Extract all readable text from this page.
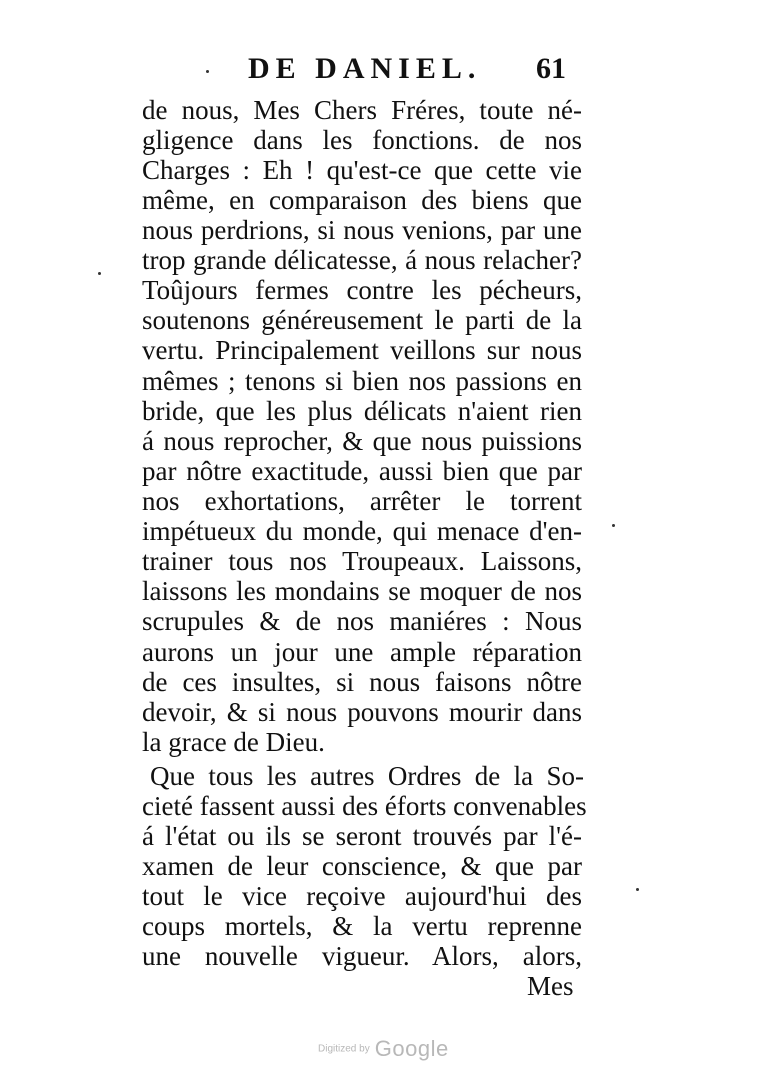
DE DANIEL. 61
de nous, Mes Chers Fréres, toute né-
gligence dans les fonctions. de nos
Charges : Eh ! qu'est-ce que cette vie
même, en comparaison des biens que
nous perdrions, si nous venions, par une
trop grande délicatesse, á nous relacher?
Toûjours fermes contre les pécheurs,
soutenons généreusement le parti de la
vertu. Principalement veillons sur nous
mêmes ; tenons si bien nos passions en
bride, que les plus délicats n'aient rien
á nous reprocher, & que nous puissions
par nôtre exactitude, aussi bien que par
nos exhortations, arrêter le torrent
impétueux du monde, qui menace d'en-
trainer tous nos Troupeaux. Laissons,
laissons les mondains se moquer de nos
scrupules & de nos maniéres : Nous
aurons un jour une ample réparation
de ces insultes, si nous faisons nôtre
devoir, & si nous pouvons mourir dans
la grace de Dieu.
Que tous les autres Ordres de la So-
cieté fassent aussi des éforts convenables
á l'état ou ils se seront trouvés par l'é-
xamen de leur conscience, & que par
tout le vice reçoive aujourd'hui des
coups mortels, & la vertu reprenne
une nouvelle vigueur. Alors, alors,
Mes
Digitized by Google
